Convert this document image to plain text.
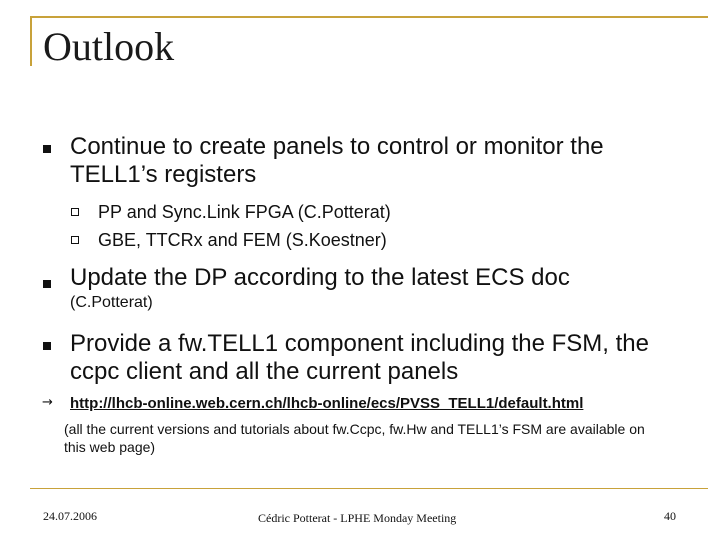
Outlook
Continue to create panels to control or monitor the TELL1’s registers
PP and Sync.Link FPGA (C.Potterat)
GBE, TTCRx and FEM (S.Koestner)
Update the DP according to the latest ECS doc
(C.Potterat)
Provide a fw.TELL1 component including the FSM, the ccpc client and all the current panels
→ http://lhcb-online.web.cern.ch/lhcb-online/ecs/PVSS_TELL1/default.html
(all the current versions and tutorials about fw.Ccpc, fw.Hw and TELL1’s FSM are available on this web page)
24.07.2006	Cédric Potterat - LPHE Monday Meeting	40
